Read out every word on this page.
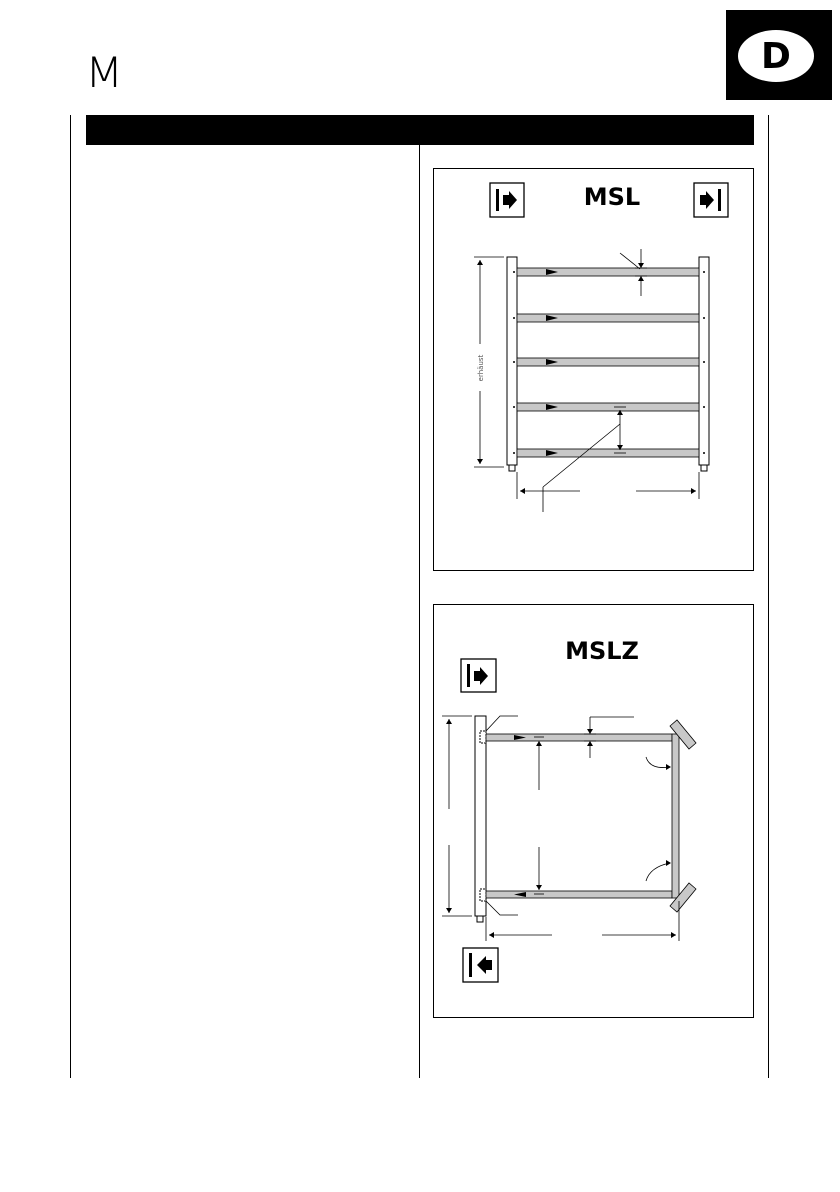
M	D
MSL
erhäust
MSLZ
